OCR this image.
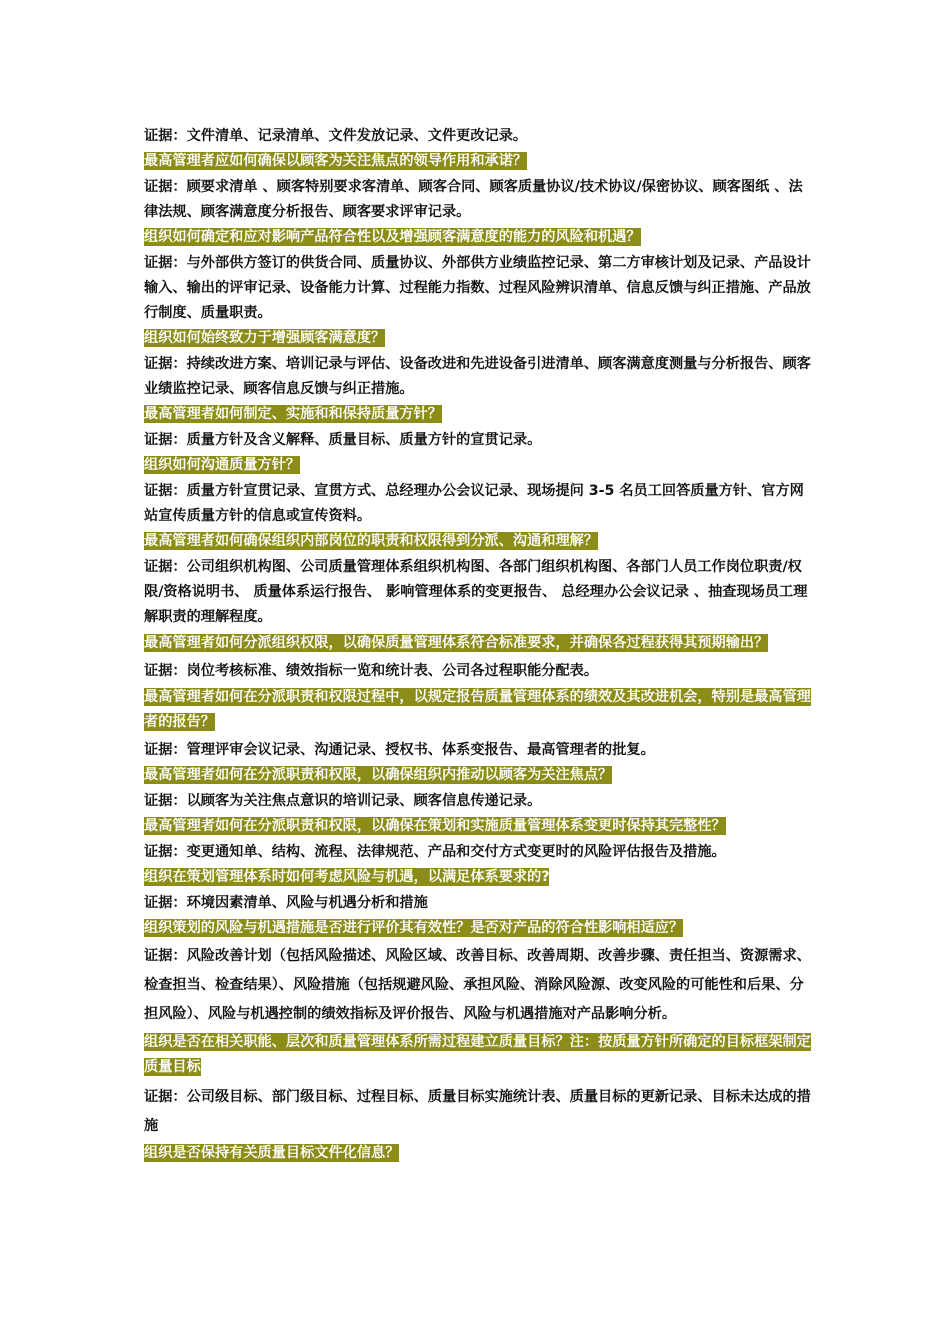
证据：文件清单、记录清单、文件发放记录、文件更改记录。
最高管理者应如何确保以顾客为关注焦点的领导作用和承诺？
证据：顾要求清单 、顾客特别要求客清单、顾客合同、顾客质量协议/技术协议/保密协议、顾客图纸 、法律法规、顾客满意度分析报告、顾客要求评审记录。
组织如何确定和应对影响产品符合性以及增强顾客满意度的能力的风险和机遇？
证据：与外部供方签订的供货合同、质量协议、外部供方业绩监控记录、第二方审核计划及记录、产品设计输入、输出的评审记录、设备能力计算、过程能力指数、过程风险辨识清单、信息反馈与纠正措施、产品放行制度、质量职责。
组织如何始终致力于增强顾客满意度？
证据：持续改进方案、培训记录与评估、设备改进和先进设备引进清单、顾客满意度测量与分析报告、顾客业绩监控记录、顾客信息反馈与纠正措施。
最高管理者如何制定、实施和和保持质量方针？
证据：质量方针及含义解释、质量目标、质量方针的宣贯记录。
组织如何沟通质量方针？
证据：质量方针宣贯记录、宣贯方式、总经理办公会议记录、现场提问 3-5 名员工回答质量方针、官方网站宣传质量方针的信息或宣传资料。
最高管理者如何确保组织内部岗位的职责和权限得到分派、沟通和理解？
证据：公司组织机构图、公司质量管理体系组织机构图、各部门组织机构图、各部门人员工作岗位职责/权限/资格说明书、 质量体系运行报告、 影响管理体系的变更报告、 总经理办公会议记录 、抽查现场员工理解职责的理解程度。
最高管理者如何分派组织权限，以确保质量管理体系符合标准要求，并确保各过程获得其预期输出？
证据：岗位考核标准、绩效指标一览和统计表、公司各过程职能分配表。
最高管理者如何在分派职责和权限过程中，以规定报告质量管理体系的绩效及其改进机会，特别是最高管理者的报告？
证据：管理评审会议记录、沟通记录、授权书、体系变报告、最高管理者的批复。
最高管理者如何在分派职责和权限，以确保组织内推动以顾客为关注焦点？
证据：以顾客为关注焦点意识的培训记录、顾客信息传递记录。
最高管理者如何在分派职责和权限，以确保在策划和实施质量管理体系变更时保持其完整性？
证据：变更通知单、结构、流程、法律规范、产品和交付方式变更时的风险评估报告及措施。
组织在策划管理体系时如何考虑风险与机遇，以满足体系要求的?
证据：环境因素清单、风险与机遇分析和措施
组织策划的风险与机遇措施是否进行评价其有效性？是否对产品的符合性影响相适应？
证据：风险改善计划（包括风险描述、风险区域、改善目标、改善周期、改善步骤、责任担当、资源需求、检查担当、检查结果）、风险措施（包括规避风险、承担风险、消除风险源、改变风险的可能性和后果、分担风险）、风险与机遇控制的绩效指标及评价报告、风险与机遇措施对产品影响分析。
组织是否在相关职能、层次和质量管理体系所需过程建立质量目标？注：按质量方针所确定的目标框架制定质量目标
证据：公司级目标、部门级目标、过程目标、质量目标实施统计表、质量目标的更新记录、目标未达成的措施
组织是否保持有关质量目标文件化信息？
